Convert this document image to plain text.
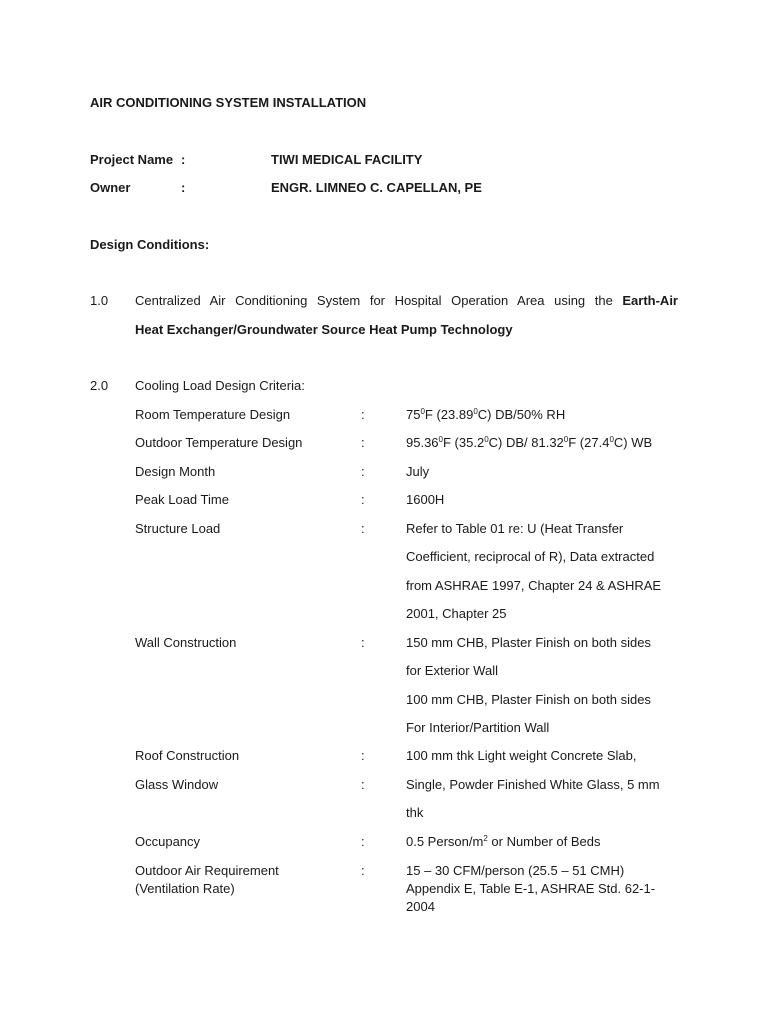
AIR CONDITIONING SYSTEM INSTALLATION
Project Name :	TIWI MEDICAL FACILITY
Owner	:	ENGR. LIMNEO C. CAPELLAN, PE
Design Conditions:
1.0 Centralized Air Conditioning System for Hospital Operation Area using the Earth-Air
Heat Exchanger/Groundwater Source Heat Pump Technology
2.0 Cooling Load Design Criteria:
Room Temperature Design	:	$75^0F$ (23.89$^0$C) DB/50% RH
Outdoor Temperature Design	:	95.36$^0$F (35.2$^0$C) DB/ 81.32$^0$F (27.4$^0$C) WB
Design Month	:	July
Peak Load Time	:	1600H
Structure Load	:	Refer to Table 01 re: U (Heat Transfer
Coefficient, reciprocal of R), Data extracted
from ASHRAE 1997, Chapter 24 & ASHRAE
2001, Chapter 25
Wall Construction	:	150 mm CHB, Plaster Finish on both sides
for Exterior Wall
100 mm CHB, Plaster Finish on both sides
For Interior/Partition Wall
Roof Construction	:	100 mm thk Light weight Concrete Slab,
Glass Window	:	Single, Powder Finished White Glass, 5 mm
thk
Occupancy	:	0.5 Person/$m^2$ or Number of Beds
Outdoor Air Requirement
(Ventilation Rate)
:	15 – 30 CFM/person (25.5 – 51 CMH)
Appendix E, Table E-1, ASHRAE Std. 62-1-
2004
